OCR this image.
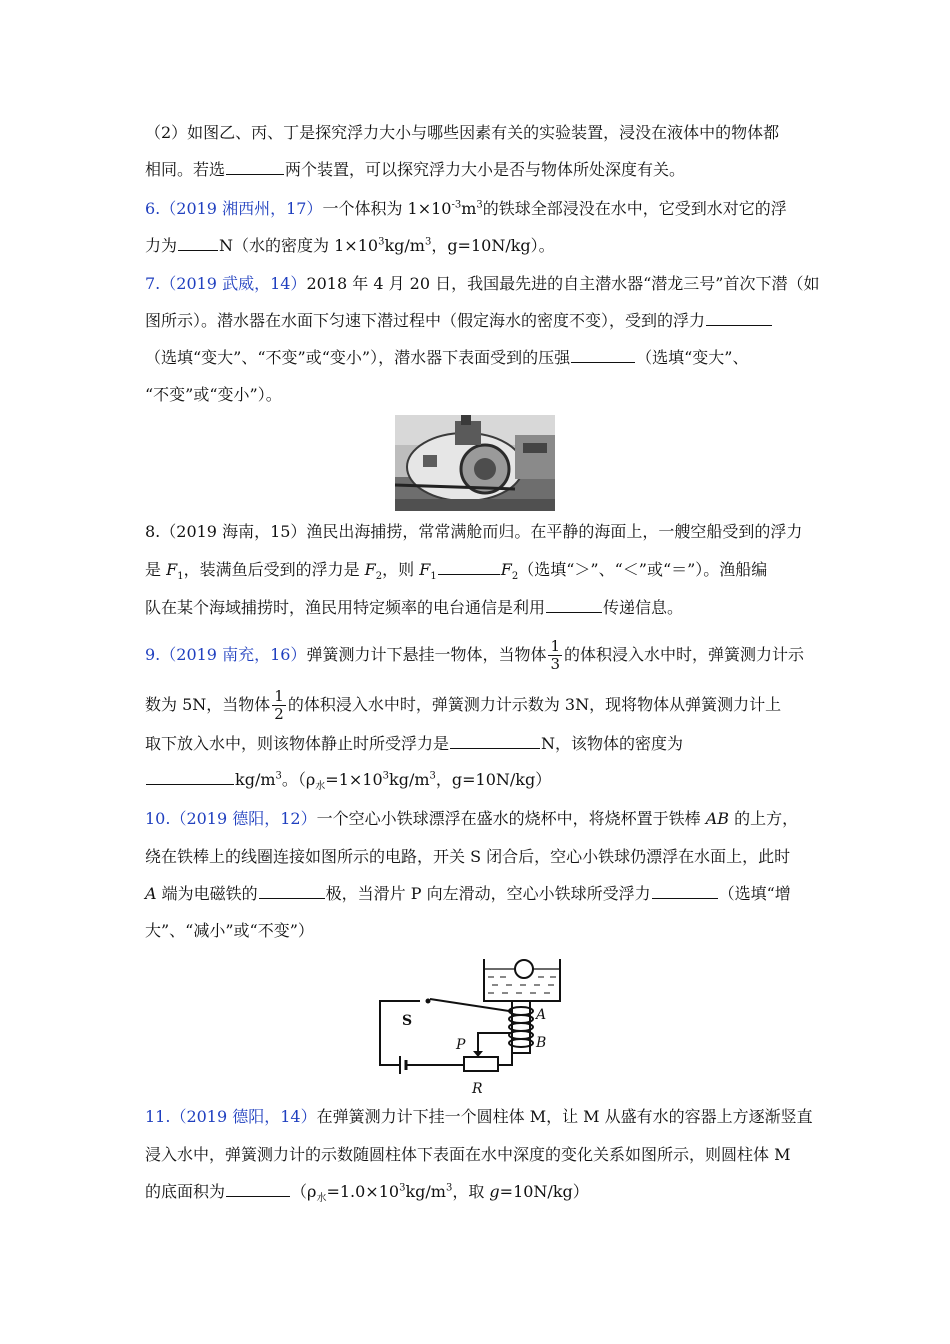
（2）如图乙、丙、丁是探究浮力大小与哪些因素有关的实验装置，浸没在液体中的物体都
相同。若选	两个装置，可以探究浮力大小是否与物体所处深度有关。
6.（2019 湘西州，17）一个体积为 $1\times 10^{-3}m^3$的铁球全部浸没在水中，它受到水对它的浮
力为	N（水的密度为 $1\times 10^3kg/m^3$，g=10N/kg）。
7.（2019 武威，14）2018 年 4 月 20 日，我国最先进的自主潜水器“潜龙三号”首次下潜（如
图所示）。潜水器在水面下匀速下潜过程中（假定海水的密度不变），受到的浮力
（选填“变大”、“不变”或“变小”），潜水器下表面受到的压强	（选填“变大”、
“不变”或“变小”）。
8.（2019 海南，15）渔民出海捕捞，常常满舱而归。在平静的海面上，一艘空船受到的浮力
是 $F_1$，装满鱼后受到的浮力是 $F_2$，则 $F_1$	$F_2$（选填“＞”、“＜”或“＝”）。渔船编
队在某个海域捕捞时，渔民用特定频率的电台通信是利用	传递信息。
9.（2019 南充，16）弹簧测力计下悬挂一物体，当物体 $\frac{1}{3}$ 的体积浸入水中时，弹簧测力计示
数为 5N，当物体 $\frac{1}{2}$ 的体积浸入水中时，弹簧测力计示数为 3N，现将物体从弹簧测力计上
取下放入水中，则该物体静止时所受浮力是	N，该物体的密度为
$kg/m^3$。（$\rho_水=1\times 10^3kg/m^3$，g=10N/kg）
10.（2019 德阳，12）一个空心小铁球漂浮在盛水的烧杯中，将烧杯置于铁棒 AB 的上方，
绕在铁棒上的线圈连接如图所示的电路，开关 S 闭合后，空心小铁球仍漂浮在水面上，此时
A 端为电磁铁的	极，当滑片 P 向左滑动，空心小铁球所受浮力	（选填“增
大”、“减小”或“不变”）
S	A
B
P
R
11.（2019 德阳，14）在弹簧测力计下挂一个圆柱体 M，让 M 从盛有水的容器上方逐渐竖直
浸入水中，弹簧测力计的示数随圆柱体下表面在水中深度的变化关系如图所示，则圆柱体 M
的底面积为	（$\rho_水=1.0\times 10^3kg/m^3$，取 g=10N/kg）
